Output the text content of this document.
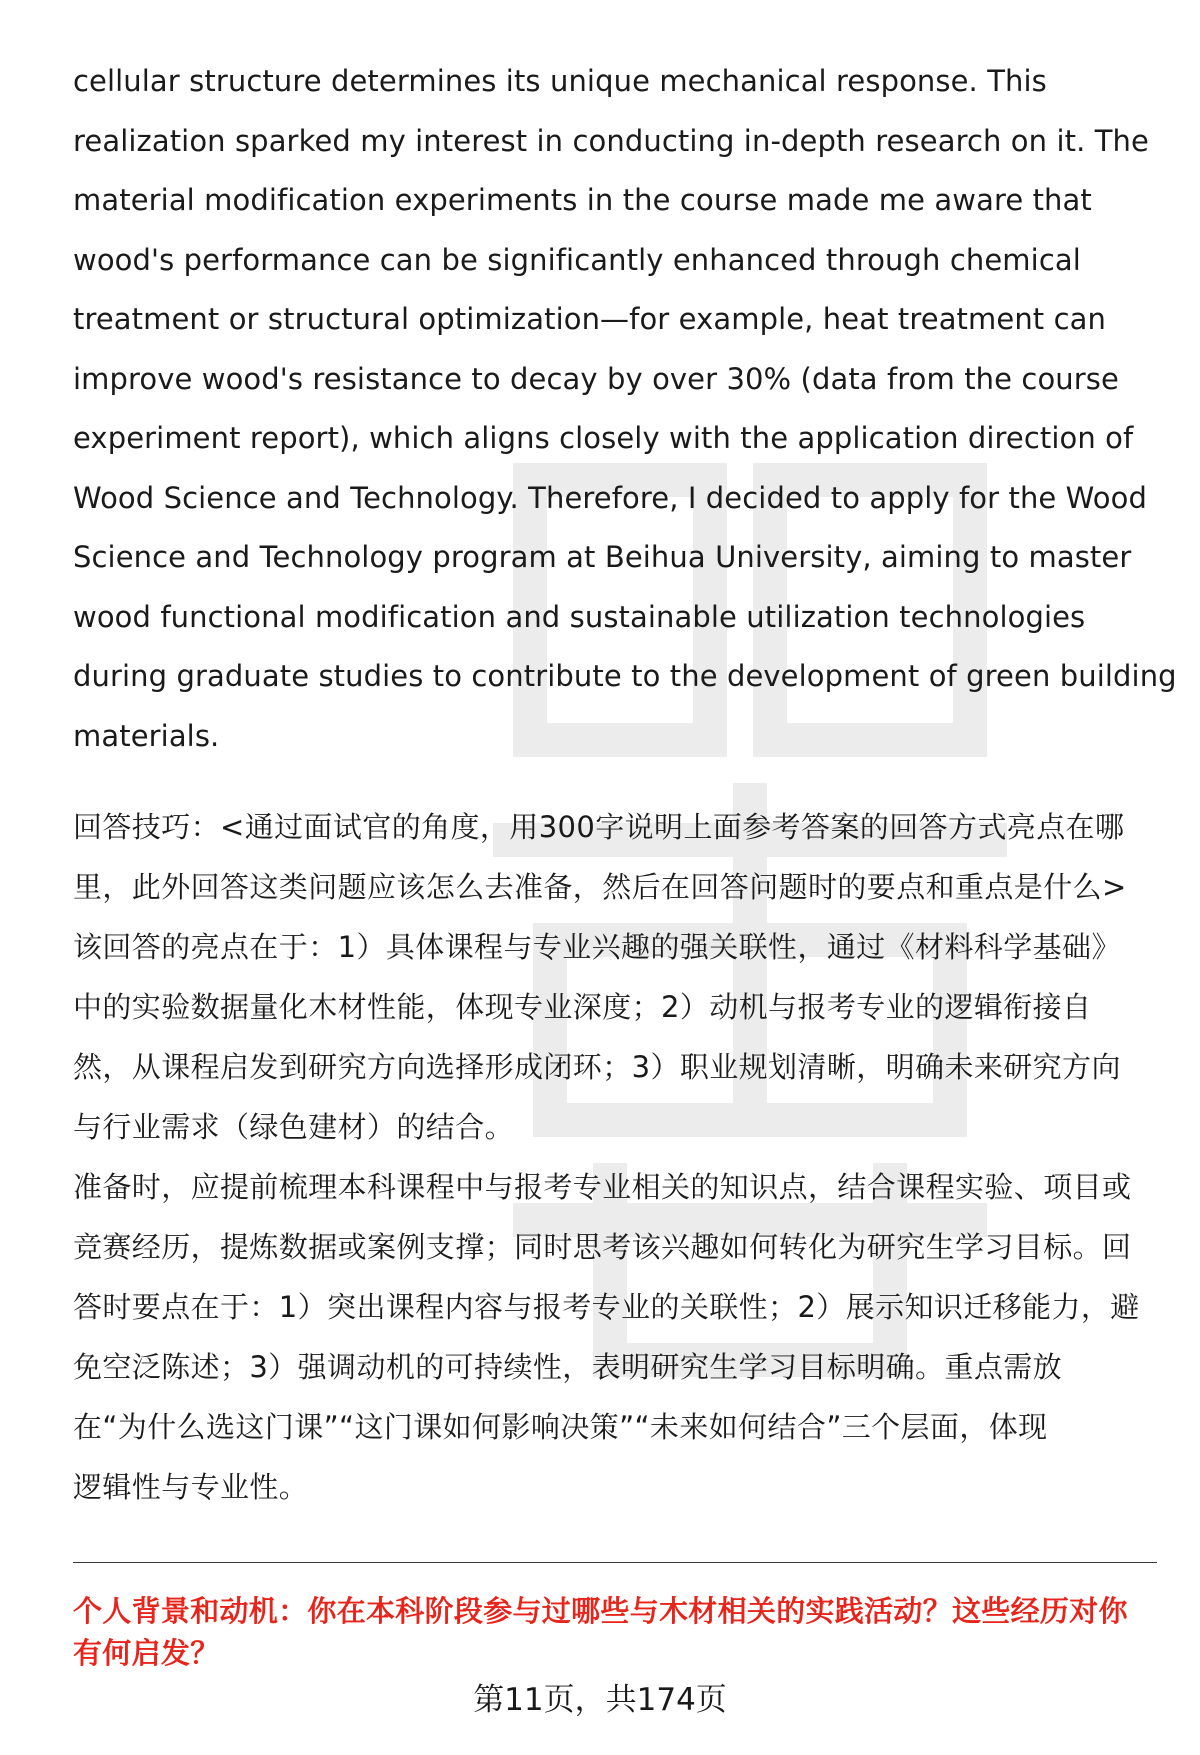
cellular structure determines its unique mechanical response. This
realization sparked my interest in conducting in-depth research on it. The
material modification experiments in the course made me aware that
wood's performance can be significantly enhanced through chemical
treatment or structural optimization—for example, heat treatment can
improve wood's resistance to decay by over 30% (data from the course
experiment report), which aligns closely with the application direction of
Wood Science and Technology. Therefore, I decided to apply for the Wood
Science and Technology program at Beihua University, aiming to master
wood functional modification and sustainable utilization technologies
during graduate studies to contribute to the development of green building
materials.
回答技巧：<通过面试官的角度，用300字说明上面参考答案的回答方式亮点在哪
里，此外回答这类问题应该怎么去准备，然后在回答问题时的要点和重点是什么>
该回答的亮点在于：1）具体课程与专业兴趣的强关联性，通过《材料科学基础》
中的实验数据量化木材性能，体现专业深度；2）动机与报考专业的逻辑衔接自
然，从课程启发到研究方向选择形成闭环；3）职业规划清晰，明确未来研究方向
与行业需求（绿色建材）的结合。
准备时，应提前梳理本科课程中与报考专业相关的知识点，结合课程实验、项目或
竞赛经历，提炼数据或案例支撑；同时思考该兴趣如何转化为研究生学习目标。回
答时要点在于：1）突出课程内容与报考专业的关联性；2）展示知识迁移能力，避
免空泛陈述；3）强调动机的可持续性，表明研究生学习目标明确。重点需放
在“为什么选这门课”“这门课如何影响决策”“未来如何结合”三个层面，体现
逻辑性与专业性。
个人背景和动机：你在本科阶段参与过哪些与木材相关的实践活动？这些经历对你
有何启发？
第11页，共174页
